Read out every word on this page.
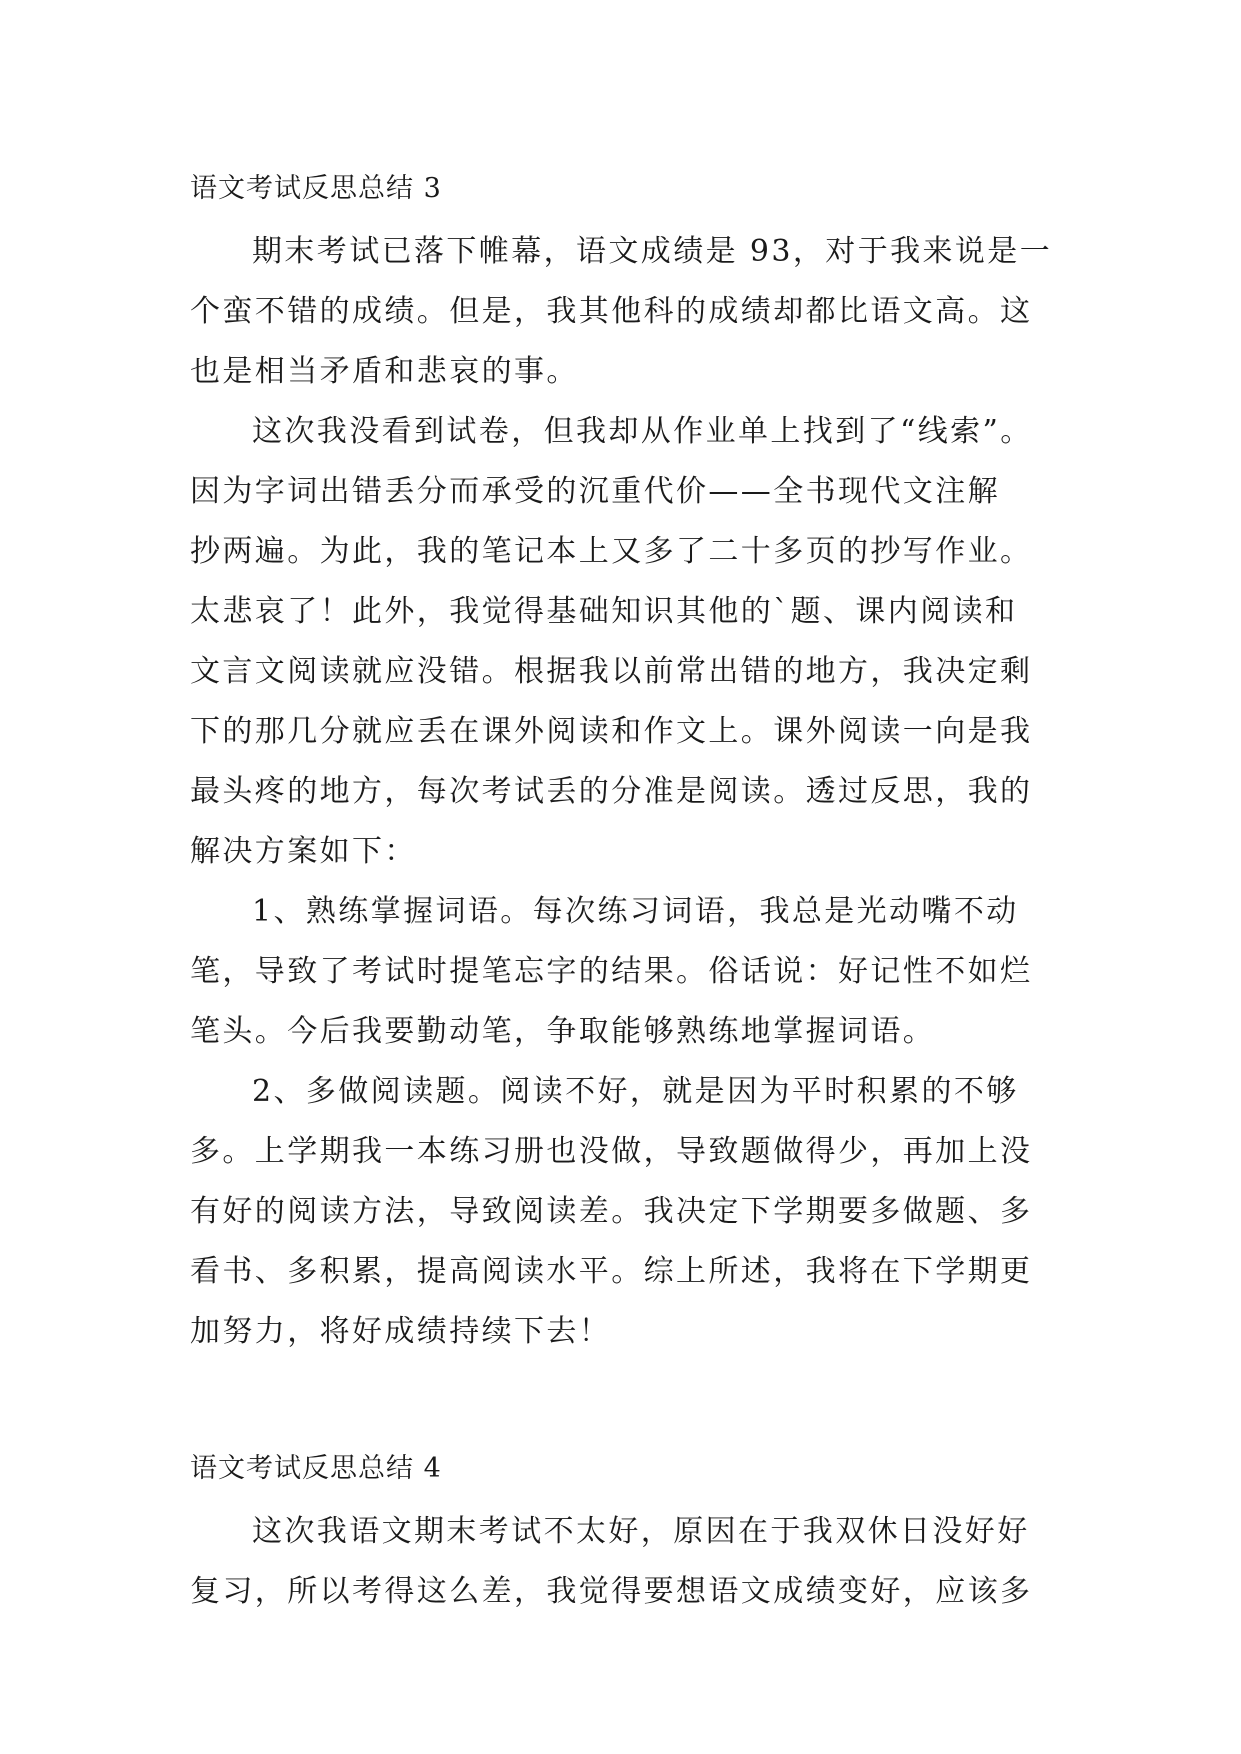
语文考试反思总结 3
期末考试已落下帷幕，语文成绩是 93，对于我来说是一
个蛮不错的成绩。但是，我其他科的成绩却都比语文高。这
也是相当矛盾和悲哀的事。
这次我没看到试卷，但我却从作业单上找到了“线索”。
因为字词出错丢分而承受的沉重代价——全书现代文注解
抄两遍。为此，我的笔记本上又多了二十多页的抄写作业。
太悲哀了！此外，我觉得基础知识其他的`题、课内阅读和
文言文阅读就应没错。根据我以前常出错的地方，我决定剩
下的那几分就应丢在课外阅读和作文上。课外阅读一向是我
最头疼的地方，每次考试丢的分准是阅读。透过反思，我的
解决方案如下：
1、熟练掌握词语。每次练习词语，我总是光动嘴不动
笔，导致了考试时提笔忘字的结果。俗话说：好记性不如烂
笔头。今后我要勤动笔，争取能够熟练地掌握词语。
2、多做阅读题。阅读不好，就是因为平时积累的不够
多。上学期我一本练习册也没做，导致题做得少，再加上没
有好的阅读方法，导致阅读差。我决定下学期要多做题、多
看书、多积累，提高阅读水平。综上所述，我将在下学期更
加努力，将好成绩持续下去！
语文考试反思总结 4
这次我语文期末考试不太好，原因在于我双休日没好好
复习，所以考得这么差，我觉得要想语文成绩变好，应该多
